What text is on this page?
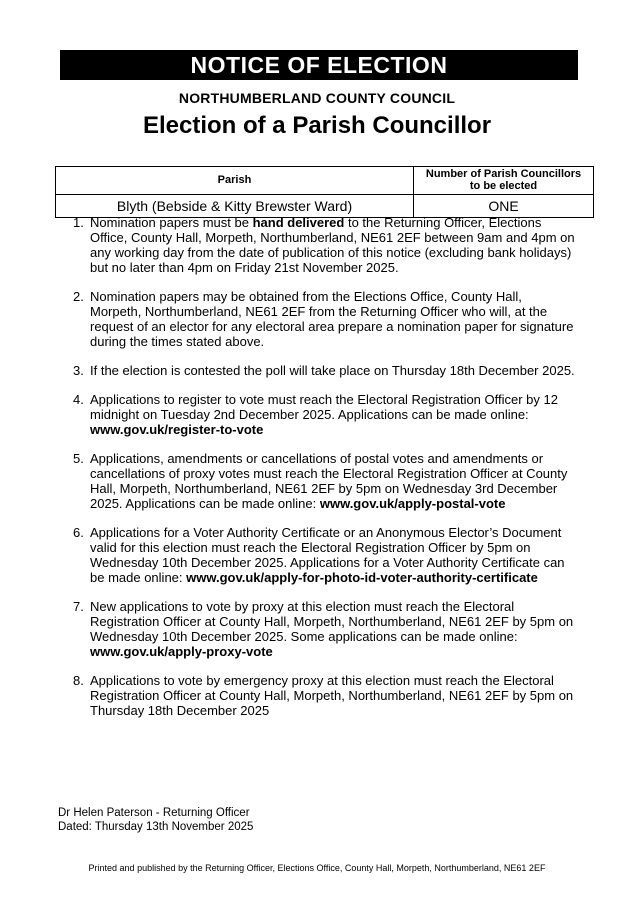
NOTICE OF ELECTION
NORTHUMBERLAND COUNTY COUNCIL
Election of a Parish Councillor
Parish	Number of Parish Councillors to be elected
Blyth (Bebside & Kitty Brewster Ward)	ONE
1. Nomination papers must be hand delivered to the Returning Officer, Elections Office, County Hall, Morpeth, Northumberland, NE61 2EF between 9am and 4pm on any working day from the date of publication of this notice (excluding bank holidays) but no later than 4pm on Friday 21st November 2025.
2. Nomination papers may be obtained from the Elections Office, County Hall, Morpeth, Northumberland, NE61 2EF from the Returning Officer who will, at the request of an elector for any electoral area prepare a nomination paper for signature during the times stated above.
3. If the election is contested the poll will take place on Thursday 18th December 2025.
4. Applications to register to vote must reach the Electoral Registration Officer by 12 midnight on Tuesday 2nd December 2025. Applications can be made online: www.gov.uk/register-to-vote
5. Applications, amendments or cancellations of postal votes and amendments or cancellations of proxy votes must reach the Electoral Registration Officer at County Hall, Morpeth, Northumberland, NE61 2EF by 5pm on Wednesday 3rd December 2025. Applications can be made online: www.gov.uk/apply-postal-vote
6. Applications for a Voter Authority Certificate or an Anonymous Elector’s Document valid for this election must reach the Electoral Registration Officer by 5pm on Wednesday 10th December 2025. Applications for a Voter Authority Certificate can be made online: www.gov.uk/apply-for-photo-id-voter-authority-certificate
7. New applications to vote by proxy at this election must reach the Electoral Registration Officer at County Hall, Morpeth, Northumberland, NE61 2EF by 5pm on Wednesday 10th December 2025. Some applications can be made online: www.gov.uk/apply-proxy-vote
8. Applications to vote by emergency proxy at this election must reach the Electoral Registration Officer at County Hall, Morpeth, Northumberland, NE61 2EF by 5pm on Thursday 18th December 2025
Dr Helen Paterson - Returning Officer
Dated: Thursday 13th November 2025
Printed and published by the Returning Officer, Elections Office, County Hall, Morpeth, Northumberland, NE61 2EF
